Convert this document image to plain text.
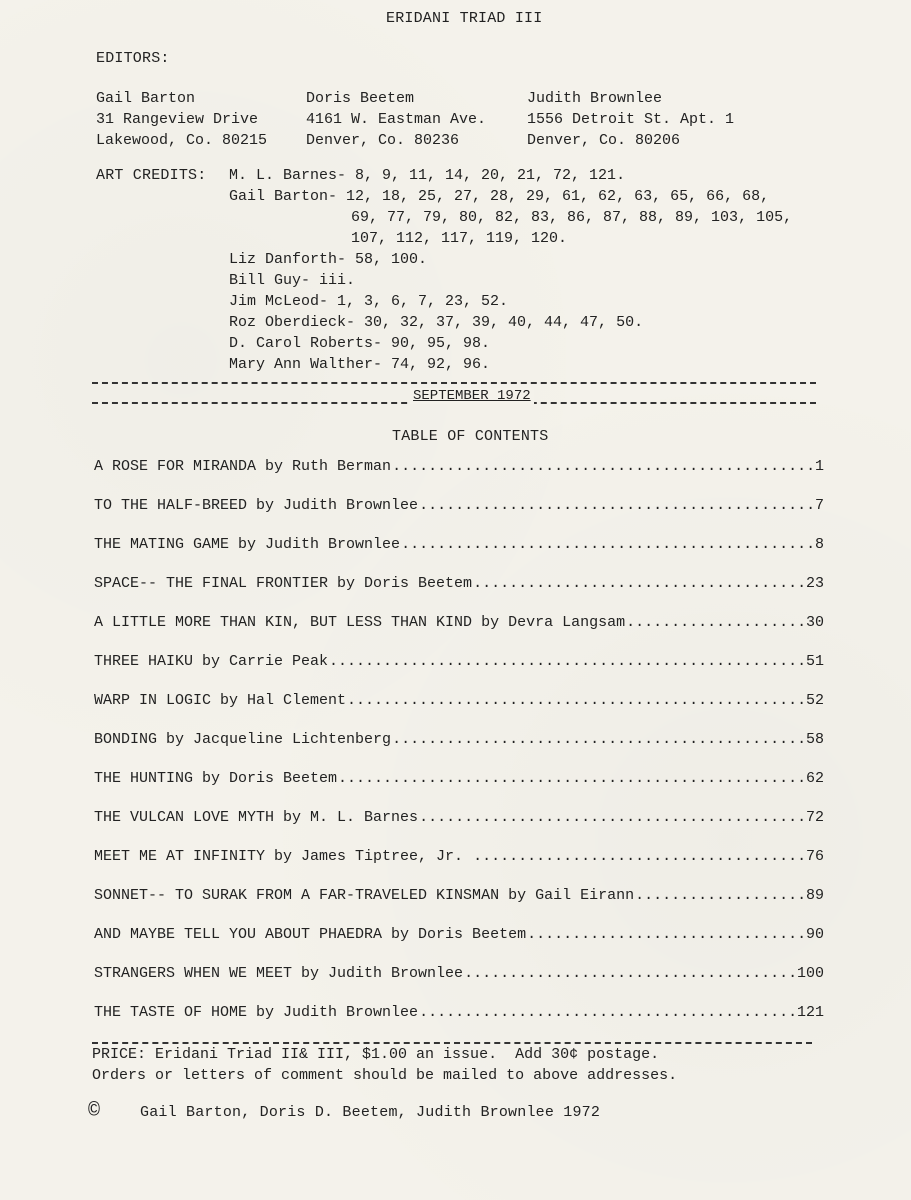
ERIDANI TRIAD III
EDITORS:
Gail Barton
31 Rangeview Drive
Lakewood, Co. 80215
Doris Beetem
4161 W. Eastman Ave.
Denver, Co. 80236
Judith Brownlee
1556 Detroit St. Apt. 1
Denver, Co. 80206
ART CREDITS: M. L. Barnes- 8, 9, 11, 14, 20, 21, 72, 121.
Gail Barton- 12, 18, 25, 27, 28, 29, 61, 62, 63, 65, 66, 68,
69, 77, 79, 80, 82, 83, 86, 87, 88, 89, 103, 105,
107, 112, 117, 119, 120.
Liz Danforth- 58, 100.
Bill Guy- iii.
Jim McLeod- 1, 3, 6, 7, 23, 52.
Roz Oberdieck- 30, 32, 37, 39, 40, 44, 47, 50.
D. Carol Roberts- 90, 95, 98.
Mary Ann Walther- 74, 92, 96.
SEPTEMBER 1972
TABLE OF CONTENTS
A ROSE FOR MIRANDA by Ruth Berman .....	1
TO THE HALF-BREED by Judith Brownlee .....	7
THE MATING GAME by Judith Brownlee .....	8
SPACE-- THE FINAL FRONTIER by Doris Beetem .....	23
A LITTLE MORE THAN KIN, BUT LESS THAN KIND by Devra Langsam .....	30
THREE HAIKU by Carrie Peak .....	51
WARP IN LOGIC by Hal Clement .....	52
BONDING by Jacqueline Lichtenberg .....	58
THE HUNTING by Doris Beetem .....	62
THE VULCAN LOVE MYTH by M. L. Barnes .....	72
MEET ME AT INFINITY by James Tiptree, Jr. .....	76
SONNET-- TO SURAK FROM A FAR-TRAVELED KINSMAN by Gail Eirann .....	89
AND MAYBE TELL YOU ABOUT PHAEDRA by Doris Beetem .....	90
STRANGERS WHEN WE MEET by Judith Brownlee .....	100
THE TASTE OF HOME by Judith Brownlee .....	121
PRICE: Eridani Triad II& III, $1.00 an issue.  Add 30¢ postage.
Orders or letters of comment should be mailed to above addresses.
©	Gail Barton, Doris D. Beetem, Judith Brownlee 1972
